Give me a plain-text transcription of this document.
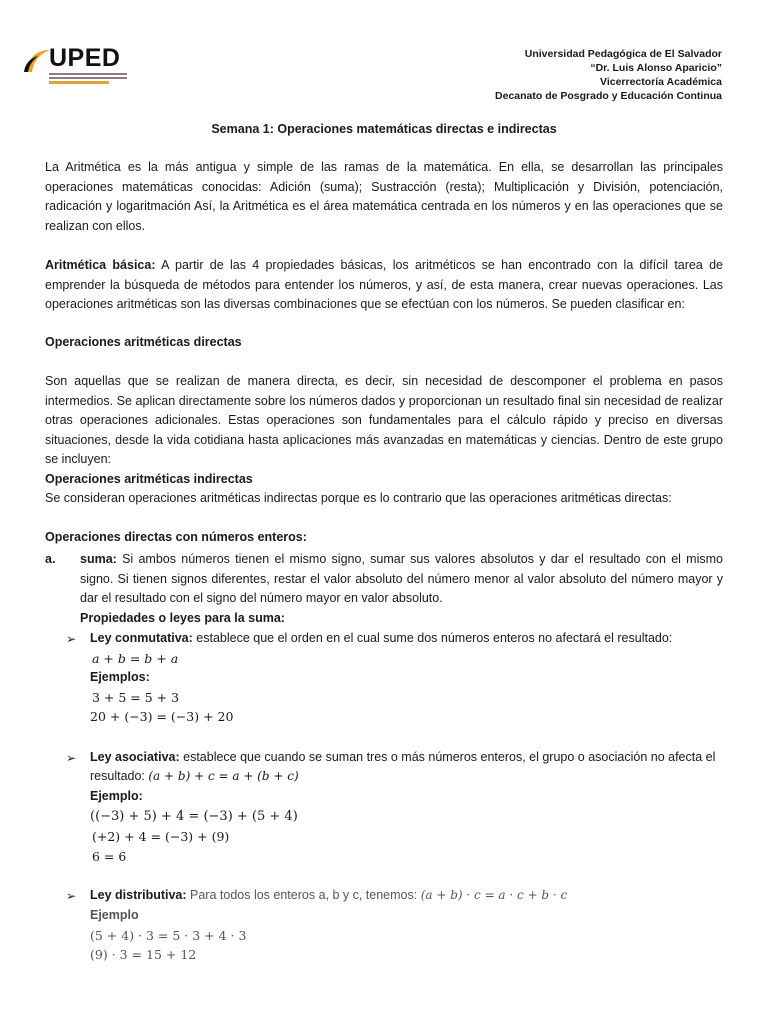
UPED	Universidad Pedagógica de El Salvador
“Dr. Luis Alonso Aparicio”
Vicerrectoría Académica
Decanato de Posgrado y Educación Continua
Semana 1: Operaciones matemáticas directas e indirectas

La Aritmética es la más antigua y simple de las ramas de la matemática. En ella, se desarrollan las principales operaciones matemáticas conocidas: Adición (suma); Sustracción (resta); Multiplicación y División, potenciación, radicación y logaritmación Así, la Aritmética es el área matemática centrada en los números y en las operaciones que se realizan con ellos.

Aritmética básica: A partir de las 4 propiedades básicas, los aritméticos se han encontrado con la difícil tarea de emprender la búsqueda de métodos para entender los números, y así, de esta manera, crear nuevas operaciones. Las operaciones aritméticas son las diversas combinaciones que se efectúan con los números. Se pueden clasificar en:

Operaciones aritméticas directas

Son aquellas que se realizan de manera directa, es decir, sin necesidad de descomponer el problema en pasos intermedios. Se aplican directamente sobre los números dados y proporcionan un resultado final sin necesidad de realizar otras operaciones adicionales. Estas operaciones son fundamentales para el cálculo rápido y preciso en diversas situaciones, desde la vida cotidiana hasta aplicaciones más avanzadas en matemáticas y ciencias. Dentro de este grupo se incluyen:

Operaciones aritméticas indirectas
Se consideran operaciones aritméticas indirectas porque es lo contrario que las operaciones aritméticas directas:
Operaciones directas con números enteros:
a. suma: Si ambos números tienen el mismo signo, sumar sus valores absolutos y dar el resultado con el mismo signo. Si tienen signos diferentes, restar el valor absoluto del número menor al valor absoluto del número mayor y dar el resultado con el signo del número mayor en valor absoluto.

Propiedades o leyes para la suma:
➢ Ley conmutativa: establece que el orden en el cual sume dos números enteros no afectará el resultado:
a + b = b + a
Ejemplos:
3 + 5 = 5 + 3
20 + (−3) = (−3) + 20
➢ Ley asociativa: establece que cuando se suman tres o más números enteros, el grupo o asociación no afecta el
resultado: (a + b) + c = a + (b + c)
Ejemplo:
((−3) + 5) + 4 = (−3) + (5 + 4)
(+2) + 4 = (−3) + (9)
6 = 6
➢ Ley distributiva: Para todos los enteros a, b y c, tenemos: (a + b) · c = a · c + b · c
Ejemplo
(5 + 4) · 3 = 5 · 3 + 4 · 3
(9) · 3 = 15 + 12
